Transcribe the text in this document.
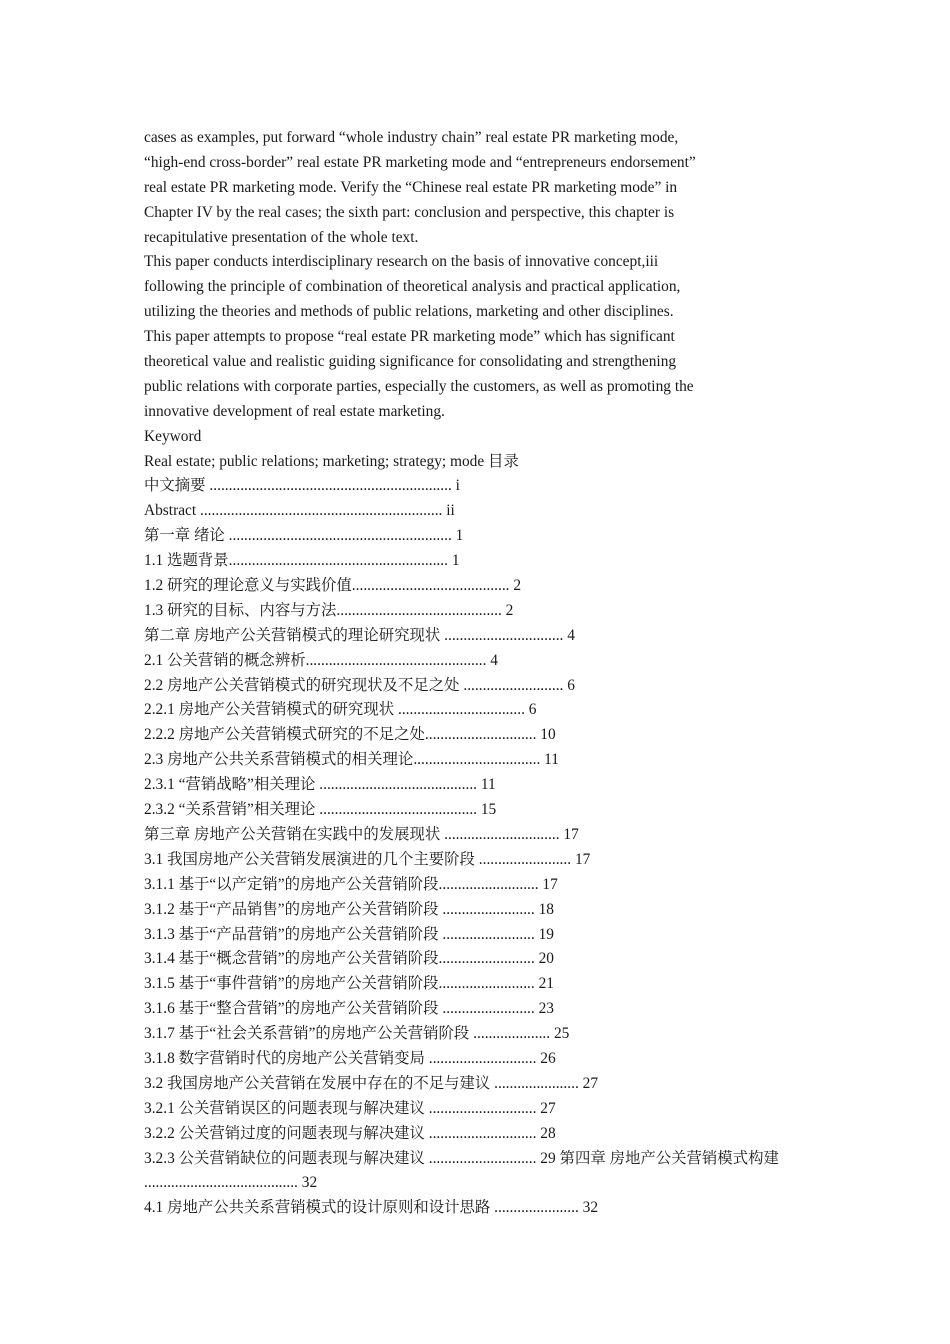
cases as examples, put forward “whole industry chain” real estate PR marketing mode,
“high-end cross-border” real estate PR marketing mode and “entrepreneurs endorsement”
real estate PR marketing mode. Verify the “Chinese real estate PR marketing mode” in
Chapter IV by the real cases; the sixth part: conclusion and perspective, this chapter is
recapitulative presentation of the whole text.
This paper conducts interdisciplinary research on the basis of innovative concept,iii
following the principle of combination of theoretical analysis and practical application,
utilizing the theories and methods of public relations, marketing and other disciplines.
This paper attempts to propose “real estate PR marketing mode” which has significant
theoretical value and realistic guiding significance for consolidating and strengthening
public relations with corporate parties, especially the customers, as well as promoting the
innovative development of real estate marketing.
Keyword
Real estate; public relations; marketing; strategy; mode 目录
中文摘要 ............................................................... i
Abstract ............................................................... ii
第一章 绪论 .......................................................... 1
1.1 选题背景......................................................... 1
1.2 研究的理论意义与实践价值......................................... 2
1.3 研究的目标、内容与方法........................................... 2
第二章 房地产公关营销模式的理论研究现状 ............................... 4
2.1 公关营销的概念辨析............................................... 4
2.2 房地产公关营销模式的研究现状及不足之处 .......................... 6
2.2.1 房地产公关营销模式的研究现状 ................................. 6
2.2.2 房地产公关营销模式研究的不足之处............................. 10
2.3 房地产公共关系营销模式的相关理论................................. 11
2.3.1 “营销战略”相关理论 ......................................... 11
2.3.2 “关系营销”相关理论 ......................................... 15
第三章 房地产公关营销在实践中的发展现状 .............................. 17
3.1 我国房地产公关营销发展演进的几个主要阶段 ........................ 17
3.1.1 基于“以产定销”的房地产公关营销阶段.......................... 17
3.1.2 基于“产品销售”的房地产公关营销阶段 ........................ 18
3.1.3 基于“产品营销”的房地产公关营销阶段 ........................ 19
3.1.4 基于“概念营销”的房地产公关营销阶段......................... 20
3.1.5 基于“事件营销”的房地产公关营销阶段......................... 21
3.1.6 基于“整合营销”的房地产公关营销阶段 ........................ 23
3.1.7 基于“社会关系营销”的房地产公关营销阶段 .................... 25
3.1.8 数字营销时代的房地产公关营销变局 ............................ 26
3.2 我国房地产公关营销在发展中存在的不足与建议 ...................... 27
3.2.1 公关营销误区的问题表现与解决建议 ............................ 27
3.2.2 公关营销过度的问题表现与解决建议 ............................ 28
3.2.3 公关营销缺位的问题表现与解决建议 ............................ 29 第四章 房地产公关营销模式构建 ........................................ 32
4.1 房地产公共关系营销模式的设计原则和设计思路 ...................... 32
